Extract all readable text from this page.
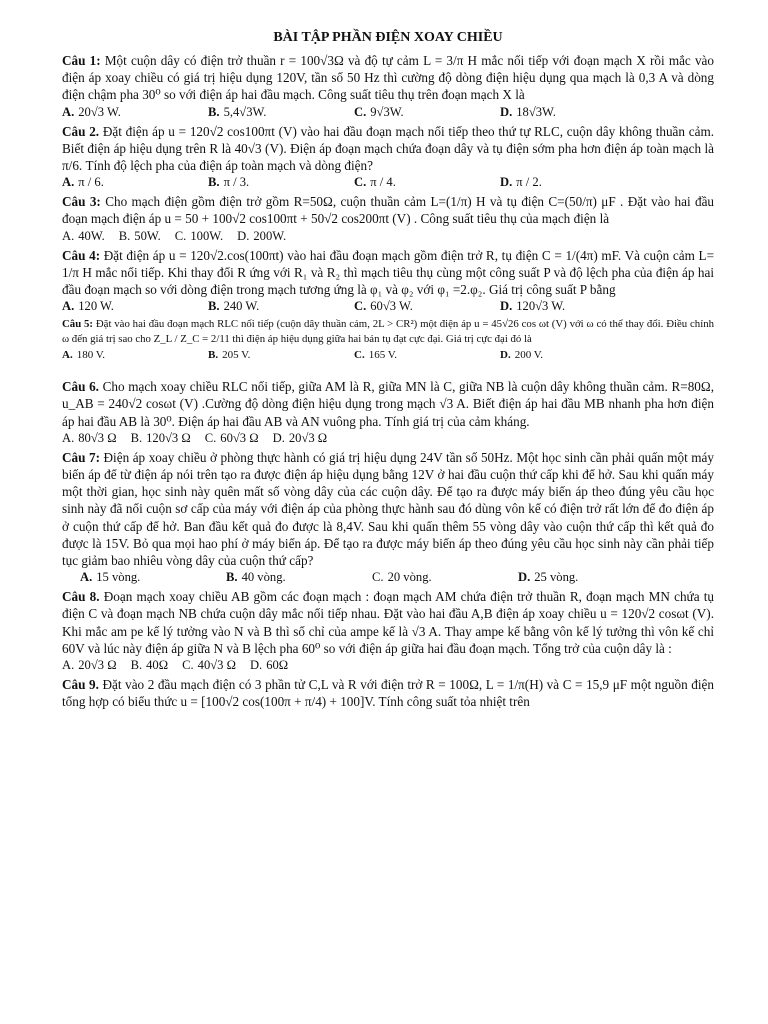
BÀI TẬP PHẦN ĐIỆN XOAY CHIỀU

Câu 1: Một cuộn dây có điện trở thuần r = 100√3Ω và độ tự cảm L = 3/π H mắc nối tiếp với đoạn mạch X rồi mắc vào điện áp xoay chiều có giá trị hiệu dụng 120V, tần số 50 Hz thì cường độ dòng điện hiệu dụng qua mạch là 0,3 A và dòng điện chậm pha 30⁰ so với điện áp hai đầu mạch. Công suất tiêu thụ trên đoạn mạch X là

A. 20√3 W.	B. 5,4√3W.	C. 9√3W.	D. 18√3W.

Câu 2. Đặt điện áp u = 120√2 cos100πt (V) vào hai đầu đoạn mạch nối tiếp theo thứ tự RLC, cuộn dây không thuần cảm. Biết điện áp hiệu dụng trên R là 40√3 (V). Điện áp đoạn mạch chứa đoạn dây và tụ điện sớm pha hơn điện áp toàn mạch là π/6. Tính độ lệch pha của điện áp toàn mạch và dòng điện?

A. π / 6.	B. π / 3.	C. π / 4.	D. π / 2.

Câu 3: Cho mạch điện gồm điện trở gồm R=50Ω, cuộn thuần cảm L=(1/π) H và tụ điện C=(50/π) μF . Đặt vào hai đầu đoạn mạch điện áp u = 50 + 100√2 cos100πt + 50√2 cos200πt (V) . Công suất tiêu thụ của mạch điện là

A. 40W. B. 50W. C. 100W. D. 200W.

Câu 4: Đặt điện áp u = 120√2.cos(100πt) vào hai đầu đoạn mạch gồm điện trở R, tụ điện C = 1/(4π) mF. Và cuộn cảm L= 1/π H mắc nối tiếp. Khi thay đổi R ứng với R₁ và R₂ thì mạch tiêu thụ cùng một công suất P và độ lệch pha của điện áp hai đầu đoạn mạch so với dòng điện trong mạch tương ứng là φ₁ và φ₂ với φ₁ =2.φ₂. Giá trị công suất P bằng

A. 120 W.	B. 240 W.	C. 60√3 W.	D. 120√3 W.

Câu 5: Đặt vào hai đầu đoạn mạch RLC nối tiếp (cuộn dây thuần cảm, 2L > CR²) một điện áp u = 45√26 cos ωt (V) với ω có thể thay đổi. Điều chỉnh ω đến giá trị sao cho Z_L / Z_C = 2/11 thì điện áp hiệu dụng giữa hai bản tụ đạt cực đại. Giá trị cực đại đó là

A. 180 V.	B. 205 V.	C. 165 V.	D. 200 V.

Câu 6. Cho mạch xoay chiều RLC nối tiếp, giữa AM là R, giữa MN là C, giữa NB là cuộn dây không thuần cảm. R=80Ω, u_AB = 240√2 cosωt (V) .Cường độ dòng điện hiệu dụng trong mạch √3 A. Biết điện áp hai đầu MB nhanh pha hơn điện áp hai đầu AB là 30⁰. Điện áp hai đầu AB và AN vuông pha. Tính giá trị của cảm kháng.

A. 80√3 Ω B. 120√3 Ω C. 60√3 Ω D. 20√3 Ω

Câu 7: Điện áp xoay chiều ở phòng thực hành có giá trị hiệu dụng 24V tần số 50Hz. Một học sinh cần phải quấn một máy biến áp để từ điện áp nói trên tạo ra được điện áp hiệu dụng bằng 12V ở hai đầu cuộn thứ cấp khi để hở. Sau khi quấn máy một thời gian, học sinh này quên mất số vòng dây của các cuộn dây. Để tạo ra được máy biến áp theo đúng yêu cầu học sinh này đã nối cuộn sơ cấp của máy với điện áp của phòng thực hành sau đó dùng vôn kế có điện trở rất lớn để đo điện áp ở cuộn thứ cấp để hở. Ban đầu kết quả đo được là 8,4V. Sau khi quấn thêm 55 vòng dây vào cuộn thứ cấp thì kết quả đo được là 15V. Bỏ qua mọi hao phí ở máy biến áp. Để tạo ra được máy biến áp theo đúng yêu cầu học sinh này cần phải tiếp tục giảm bao nhiêu vòng dây của cuộn thứ cấp?

A. 15 vòng.	B. 40 vòng.	C. 20 vòng.	D. 25 vòng.

Câu 8. Đoạn mạch xoay chiều AB gồm các đoạn mạch : đoạn mạch AM chứa điện trở thuần R, đoạn mạch MN chứa tụ điện C và đoạn mạch NB chứa cuộn dây mắc nối tiếp nhau. Đặt vào hai đầu A,B điện áp xoay chiều u = 120√2 cosωt (V). Khi mắc am pe kế lý tưởng vào N và B thì số chỉ của ampe kế là √3 A. Thay ampe kế bằng vôn kế lý tưởng thì vôn kế chỉ 60V và lúc này điện áp giữa N và B lệch pha 60⁰ so với điện áp giữa hai đầu đoạn mạch. Tổng trở của cuộn dây là :

A. 20√3 Ω B. 40Ω C. 40√3 Ω D. 60Ω

Câu 9. Đặt vào 2 đầu mạch điện có 3 phần tử C,L và R với điện trở R = 100Ω, L = 1/π(H) và C = 15,9 μF một nguồn điện tổng hợp có biểu thức u = [100√2 cos(100π + π/4) + 100]V. Tính công suất tỏa nhiệt trên
